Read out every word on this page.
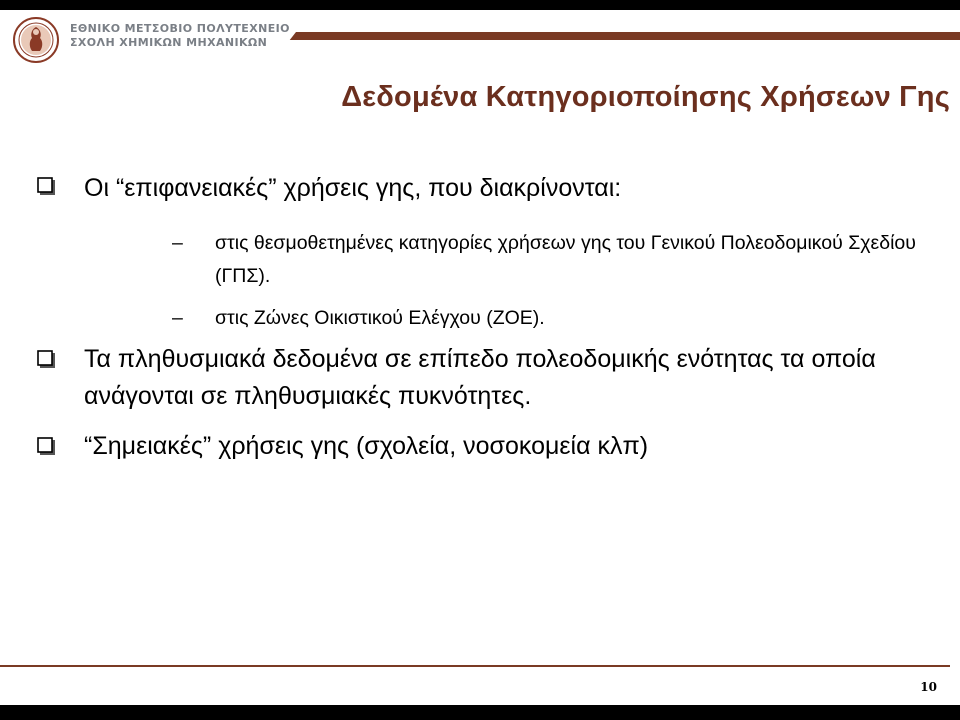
ΕΘΝΙΚΟ ΜΕΤΣΟΒΙΟ ΠΟΛΥΤΕΧΝΕΙΟ
ΣΧΟΛΗ ΧΗΜΙΚΩΝ ΜΗΧΑΝΙΚΩΝ
Δεδομένα Κατηγοριοποίησης Χρήσεων Γης
Οι “επιφανειακές” χρήσεις γης, που διακρίνονται:
– στις θεσμοθετημένες κατηγορίες χρήσεων γης του Γενικού Πολεοδομικού Σχεδίου (ΓΠΣ).
– στις Ζώνες Οικιστικού Ελέγχου (ΖΟΕ).
Τα πληθυσμιακά δεδομένα σε επίπεδο πολεοδομικής ενότητας τα οποία ανάγονται σε πληθυσμιακές πυκνότητες.
“Σημειακές” χρήσεις γης (σχολεία, νοσοκομεία κλπ)
10
